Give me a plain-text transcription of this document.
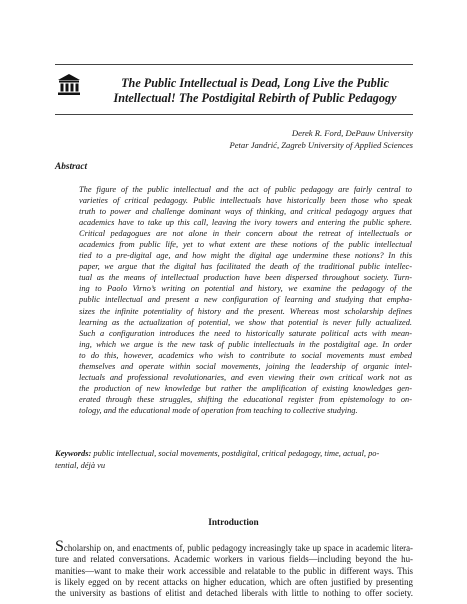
The Public Intellectual is Dead, Long Live the Public
Intellectual! The Postdigital Rebirth of Public Pedagogy
Derek R. Ford, DePauw University
Petar Jandrić, Zagreb University of Applied Sciences
Abstract
The figure of the public intellectual and the act of public pedagogy are fairly central to
varieties of critical pedagogy. Public intellectuals have historically been those who speak
truth to power and challenge dominant ways of thinking, and critical pedagogy argues that
academics have to take up this call, leaving the ivory towers and entering the public sphere.
Critical pedagogues are not alone in their concern about the retreat of intellectuals or
academics from public life, yet to what extent are these notions of the public intellectual
tied to a pre-digital age, and how might the digital age undermine these notions? In this
paper, we argue that the digital has facilitated the death of the traditional public intellec-
tual as the means of intellectual production have been dispersed throughout society. Turn-
ing to Paolo Virno’s writing on potential and history, we examine the pedagogy of the
public intellectual and present a new configuration of learning and studying that empha-
sizes the infinite potentiality of history and the present. Whereas most scholarship defines
learning as the actualization of potential, we show that potential is never fully actualized.
Such a configuration introduces the need to historically saturate political acts with mean-
ing, which we argue is the new task of public intellectuals in the postdigital age. In order
to do this, however, academics who wish to contribute to social movements must embed
themselves and operate within social movements, joining the leadership of organic intel-
lectuals and professional revolutionaries, and even viewing their own critical work not as
the production of new knowledge but rather the amplification of existing knowledges gen-
erated through these struggles, shifting the educational register from epistemology to on-
tology, and the educational mode of operation from teaching to collective studying.
Keywords: public intellectual, social movements, postdigital, critical pedagogy, time, actual, po-
tential, déjà vu
Introduction
Scholarship on, and enactments of, public pedagogy increasingly take up space in academic litera-
ture and related conversations. Academic workers in various fields—including beyond the hu-
manities—want to make their work accessible and relatable to the public in different ways. This
is likely egged on by recent attacks on higher education, which are often justified by presenting
the university as bastions of elitist and detached liberals with little to nothing to offer society.
